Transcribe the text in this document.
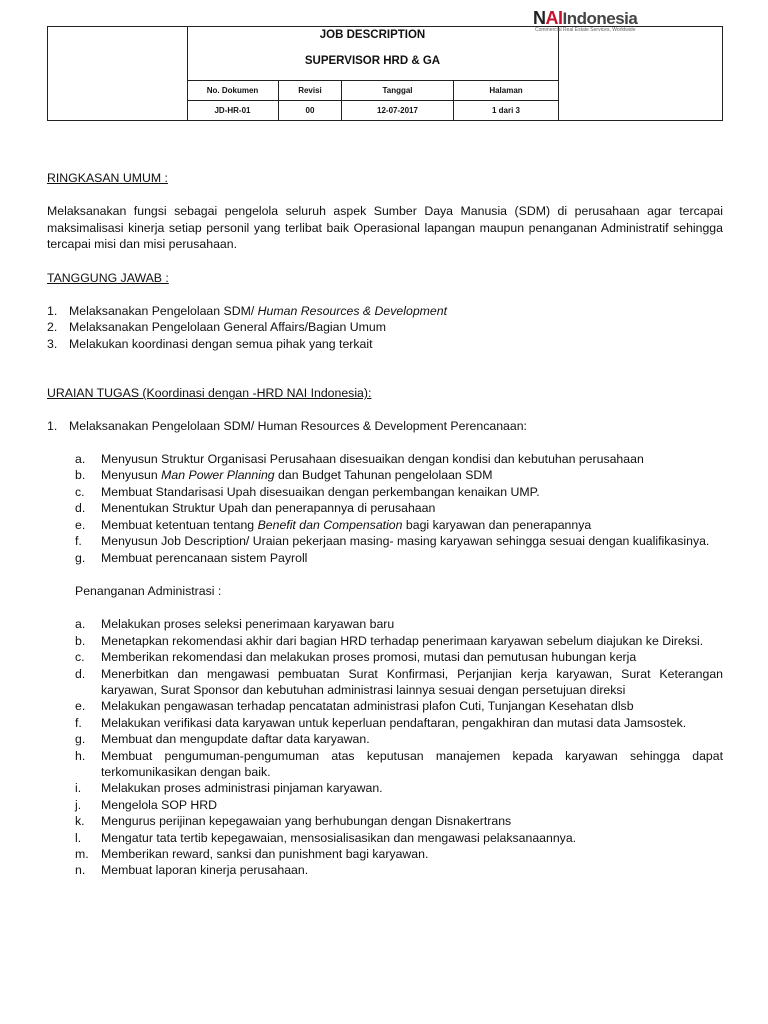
JOB DESCRIPTION
SUPERVISOR HRD & GA
No. Dokumen	Revisi	Tanggal	Halaman
JD-HR-01	00	12-07-2017	1 dari 3
NAIIndonesia
Commercial Real Estate Services, Worldwide

RINGKASAN UMUM :

Melaksanakan fungsi sebagai pengelola seluruh aspek Sumber Daya Manusia (SDM) di perusahaan agar tercapai maksimalisasi kinerja setiap personil yang terlibat baik Operasional lapangan maupun penanganan Administratif sehingga tercapai misi dan misi perusahaan.

TANGGUNG JAWAB :

1. Melaksanakan Pengelolaan SDM/ Human Resources & Development
2. Melaksanakan Pengelolaan General Affairs/Bagian Umum
3. Melakukan koordinasi dengan semua pihak yang terkait

URAIAN TUGAS (Koordinasi dengan -HRD NAI Indonesia):

1. Melaksanakan Pengelolaan SDM/ Human Resources & Development Perencanaan:
a.	Menyusun Struktur Organisasi Perusahaan disesuaikan dengan kondisi dan kebutuhan perusahaan
b.	Menyusun Man Power Planning dan Budget Tahunan pengelolaan SDM
c.	Membuat Standarisasi Upah disesuaikan dengan perkembangan kenaikan UMP.
d.	Menentukan Struktur Upah dan penerapannya di perusahaan
e.	Membuat ketentuan tentang Benefit dan Compensation bagi karyawan dan penerapannya
f.	Menyusun Job Description/ Uraian pekerjaan masing- masing karyawan sehingga sesuai dengan kualifikasinya.
g.	Membuat perencanaan sistem Payroll

Penanganan Administrasi :

a.	Melakukan proses seleksi penerimaan karyawan baru
b.	Menetapkan rekomendasi akhir dari bagian HRD terhadap penerimaan karyawan sebelum diajukan ke Direksi.
c.	Memberikan rekomendasi dan melakukan proses promosi, mutasi dan pemutusan hubungan kerja
d.	Menerbitkan dan mengawasi pembuatan Surat Konfirmasi, Perjanjian kerja karyawan, Surat Keterangan karyawan, Surat Sponsor dan kebutuhan administrasi lainnya sesuai dengan persetujuan direksi
e.	Melakukan pengawasan terhadap pencatatan administrasi plafon Cuti, Tunjangan Kesehatan dlsb
f.	Melakukan verifikasi data karyawan untuk keperluan pendaftaran, pengakhiran dan mutasi data Jamsostek.
g.	Membuat dan mengupdate daftar data karyawan.
h.	Membuat pengumuman-pengumuman atas keputusan manajemen kepada karyawan sehingga dapat terkomunikasikan dengan baik.
i.	Melakukan proses administrasi pinjaman karyawan.
j.	Mengelola SOP HRD
k.	Mengurus perijinan kepegawaian yang berhubungan dengan Disnakertrans
l.	Mengatur tata tertib kepegawaian, mensosialisasikan dan mengawasi pelaksanaannya.
m.	Memberikan reward, sanksi dan punishment bagi karyawan.
n.	Membuat laporan kinerja perusahaan.
